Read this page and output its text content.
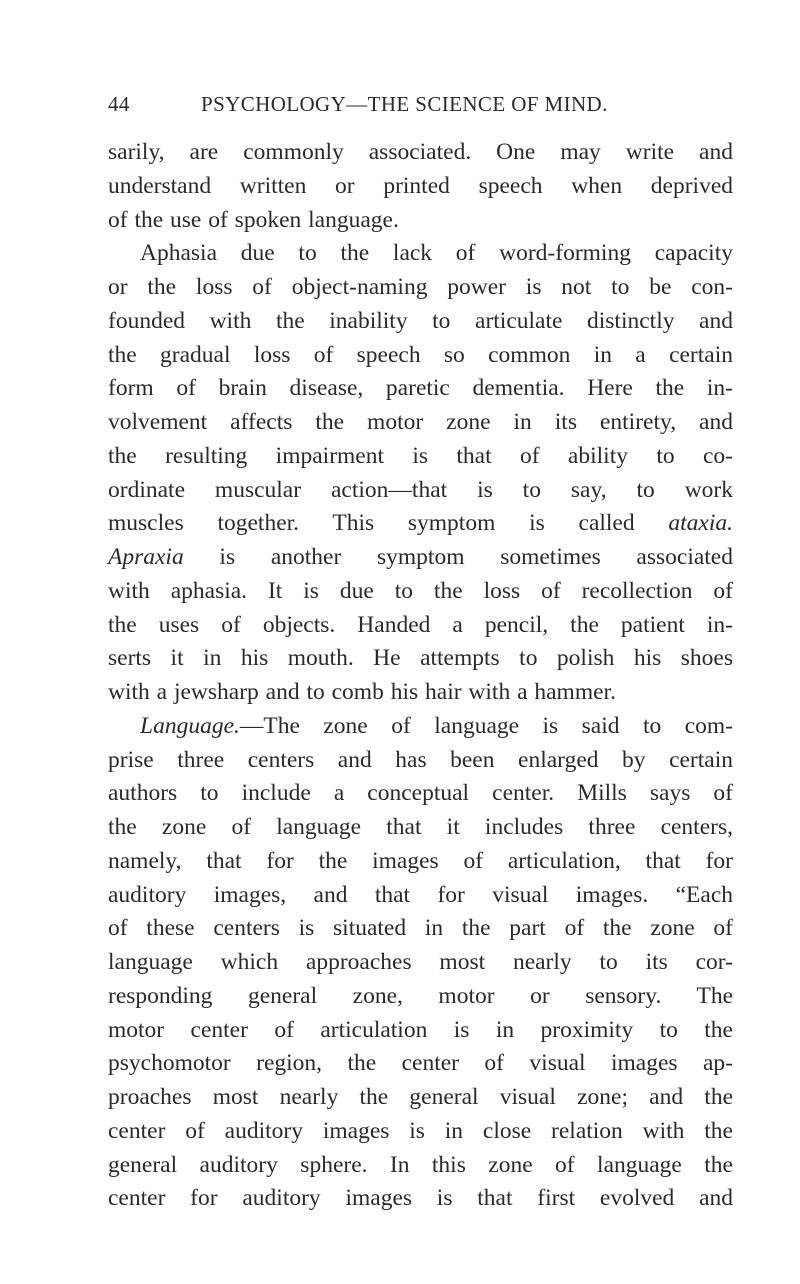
44	PSYCHOLOGY—THE SCIENCE OF MIND.
sarily, are commonly associated. One may write and
understand written or printed speech when deprived
of the use of spoken language.
Aphasia due to the lack of word-forming capacity
or the loss of object-naming power is not to be con-
founded with the inability to articulate distinctly and
the gradual loss of speech so common in a certain
form of brain disease, paretic dementia. Here the in-
volvement affects the motor zone in its entirety, and
the resulting impairment is that of ability to co-
ordinate muscular action—that is to say, to work
muscles together. This symptom is called ataxia.
Apraxia is another symptom sometimes associated
with aphasia. It is due to the loss of recollection of
the uses of objects. Handed a pencil, the patient in-
serts it in his mouth. He attempts to polish his shoes
with a jewsharp and to comb his hair with a hammer.
Language.—The zone of language is said to com-
prise three centers and has been enlarged by certain
authors to include a conceptual center. Mills says of
the zone of language that it includes three centers,
namely, that for the images of articulation, that for
auditory images, and that for visual images. “Each
of these centers is situated in the part of the zone of
language which approaches most nearly to its cor-
responding general zone, motor or sensory. The
motor center of articulation is in proximity to the
psychomotor region, the center of visual images ap-
proaches most nearly the general visual zone; and the
center of auditory images is in close relation with the
general auditory sphere. In this zone of language the
center for auditory images is that first evolved and
